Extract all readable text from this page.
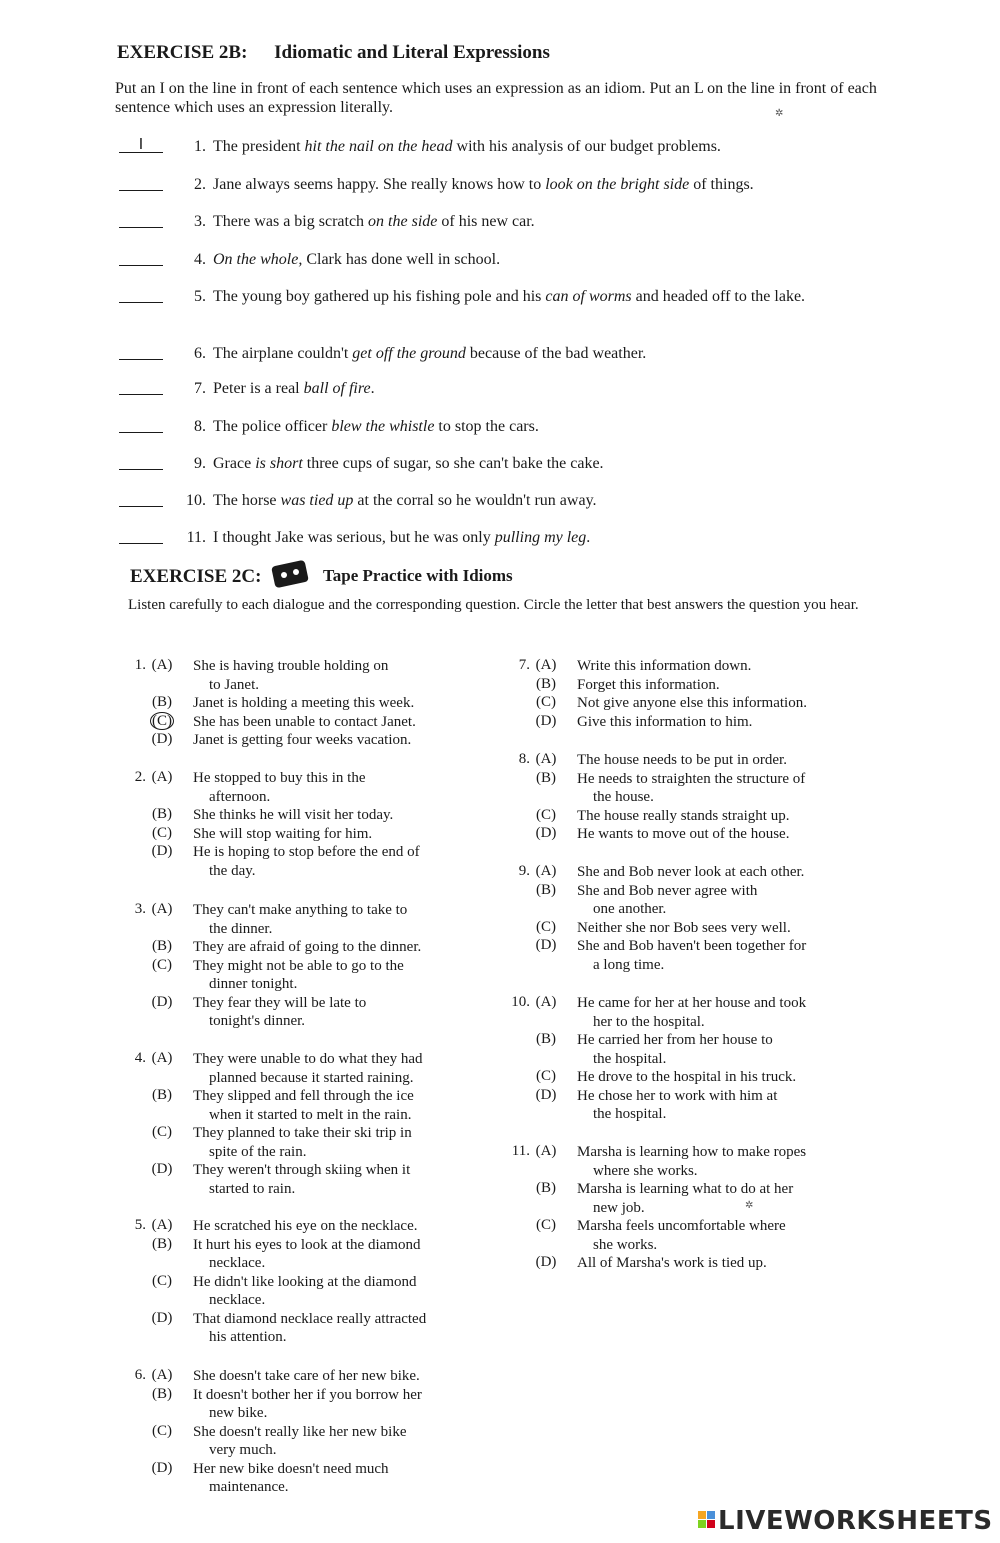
EXERCISE 2B: Idiomatic and Literal Expressions
Put an I on the line in front of each sentence which uses an expression as an idiom. Put an L on the line in front of each sentence which uses an expression literally.
I	1. The president hit the nail on the head with his analysis of our budget problems.
2. Jane always seems happy. She really knows how to look on the bright side of things.
3. There was a big scratch on the side of his new car.
4. On the whole, Clark has done well in school.
5. The young boy gathered up his fishing pole and his can of worms and headed off to the lake.
6. The airplane couldn't get off the ground because of the bad weather.
7. Peter is a real ball of fire.
8. The police officer blew the whistle to stop the cars.
9. Grace is short three cups of sugar, so she can't bake the cake.
10. The horse was tied up at the corral so he wouldn't run away.
11. I thought Jake was serious, but he was only pulling my leg.
EXERCISE 2C:	Tape Practice with Idioms
Listen carefully to each dialogue and the corresponding question. Circle the letter that best answers the question you hear.
1. (A)	She is having trouble holding on
to Janet.
(B)	Janet is holding a meeting this week.
(C)	She has been unable to contact Janet.
(D)	Janet is getting four weeks vacation.
2. (A)	He stopped to buy this in the
afternoon.
(B)	She thinks he will visit her today.
(C)	She will stop waiting for him.
(D)	He is hoping to stop before the end of
the day.
3. (A)	They can't make anything to take to
the dinner.
(B)	They are afraid of going to the dinner.
(C)	They might not be able to go to the
dinner tonight.
(D)	They fear they will be late to
tonight's dinner.
4. (A)	They were unable to do what they had
planned because it started raining.
(B)	They slipped and fell through the ice
when it started to melt in the rain.
(C)	They planned to take their ski trip in
spite of the rain.
(D)	They weren't through skiing when it
started to rain.
5. (A)	He scratched his eye on the necklace.
(B)	It hurt his eyes to look at the diamond
necklace.
(C)	He didn't like looking at the diamond
necklace.
(D)	That diamond necklace really attracted
his attention.
6. (A)	She doesn't take care of her new bike.
(B)	It doesn't bother her if you borrow her
new bike.
(C)	She doesn't really like her new bike
very much.
(D)	Her new bike doesn't need much
maintenance.
7. (A)	Write this information down.
(B)	Forget this information.
(C)	Not give anyone else this information.
(D)	Give this information to him.
8. (A)	The house needs to be put in order.
(B)	He needs to straighten the structure of
the house.
(C)	The house really stands straight up.
(D)	He wants to move out of the house.
9. (A)	She and Bob never look at each other.
(B)	She and Bob never agree with
one another.
(C)	Neither she nor Bob sees very well.
(D)	She and Bob haven't been together for
a long time.
10. (A)	He came for her at her house and took
her to the hospital.
(B)	He carried her from her house to
the hospital.
(C)	He drove to the hospital in his truck.
(D)	He chose her to work with him at
the hospital.
11. (A)	Marsha is learning how to make ropes
where she works.
(B)	Marsha is learning what to do at her
new job.
(C)	Marsha feels uncomfortable where
she works.
(D)	All of Marsha's work is tied up.
✲
✲
LIVEWORKSHEETS
